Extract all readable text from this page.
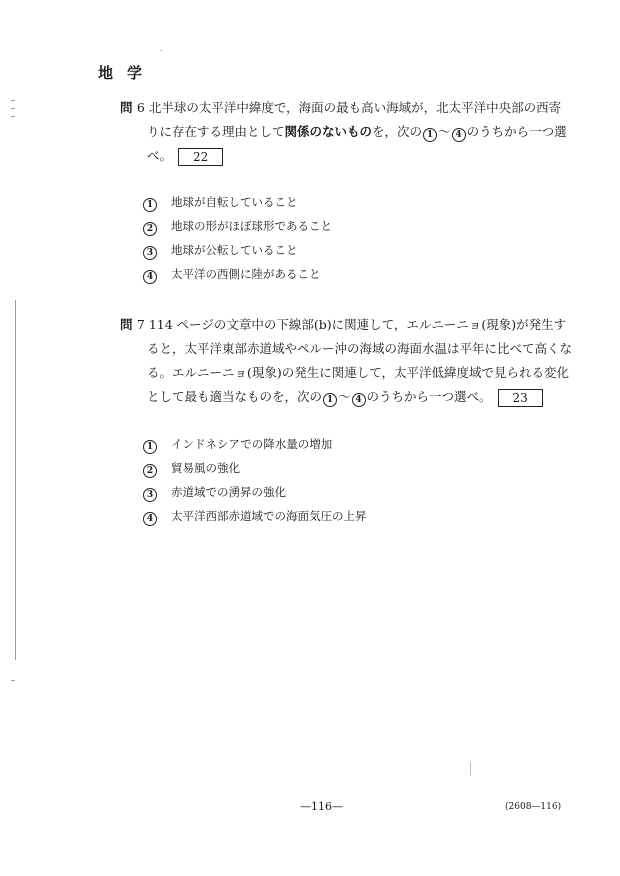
地学
問 6 北半球の太平洋中緯度で，海面の最も高い海域が，北太平洋中央部の西寄
りに存在する理由として関係のないものを，次の 1 ～ 4 のうちから一つ選
べ。 22
1 地球が自転していること
2 地球の形がほぼ球形であること
3 地球が公転していること
4 太平洋の西側に陸があること
問 7 114 ページの文章中の下線部(b)に関連して，エルニーニョ(現象)が発生す
ると，太平洋東部赤道域やペルー沖の海域の海面水温は平年に比べて高くな
る。エルニーニョ(現象)の発生に関連して，太平洋低緯度域で見られる変化
として最も適当なものを，次の 1 ～ 4 のうちから一つ選べ。 23
1 インドネシアでの降水量の増加
2 貿易風の強化
3 赤道域での湧昇の強化
4 太平洋西部赤道域での海面気圧の上昇
—116—	(2608—116)
